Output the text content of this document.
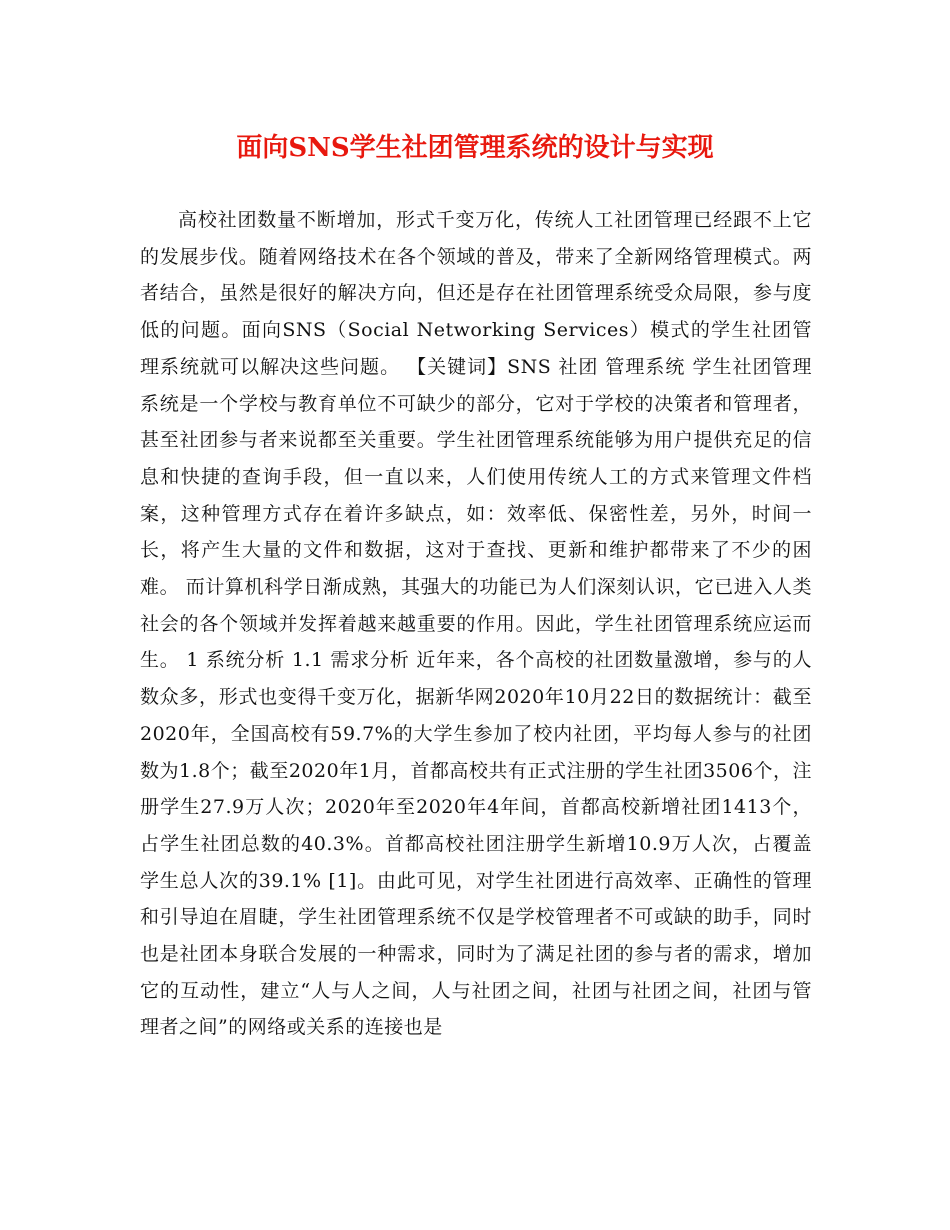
面向SNS学生社团管理系统的设计与实现

高校社团数量不断增加，形式千变万化，传统人工社团管理已经跟不上它的发展步伐。随着网络技术在各个领域的普及，带来了全新网络管理模式。两者结合，虽然是很好的解决方向，但还是存在社团管理系统受众局限，参与度低的问题。面向SNS（Social Networking Services）模式的学生社团管理系统就可以解决这些问题。 【关键词】SNS 社团 管理系统 学生社团管理系统是一个学校与教育单位不可缺少的部分，它对于学校的决策者和管理者，甚至社团参与者来说都至关重要。学生社团管理系统能够为用户提供充足的信息和快捷的查询手段，但一直以来，人们使用传统人工的方式来管理文件档案，这种管理方式存在着许多缺点，如：效率低、保密性差，另外，时间一长，将产生大量的文件和数据，这对于查找、更新和维护都带来了不少的困难。 而计算机科学日渐成熟，其强大的功能已为人们深刻认识，它已进入人类社会的各个领域并发挥着越来越重要的作用。因此，学生社团管理系统应运而生。 1 系统分析 1.1 需求分析 近年来，各个高校的社团数量激增，参与的人数众多，形式也变得千变万化，据新华网2020年10月22日的数据统计：截至2020年，全国高校有59.7%的大学生参加了校内社团，平均每人参与的社团数为1.8个；截至2020年1月，首都高校共有正式注册的学生社团3506个，注册学生27.9万人次；2020年至2020年4年间，首都高校新增社团1413个，占学生社团总数的40.3%。首都高校社团注册学生新增10.9万人次，占覆盖学生总人次的39.1% [1]。由此可见，对学生社团进行高效率、正确性的管理和引导迫在眉睫，学生社团管理系统不仅是学校管理者不可或缺的助手，同时也是社团本身联合发展的一种需求，同时为了满足社团的参与者的需求，增加它的互动性，建立“人与人之间，人与社团之间，社团与社团之间，社团与管理者之间”的网络或关系的连接也是
